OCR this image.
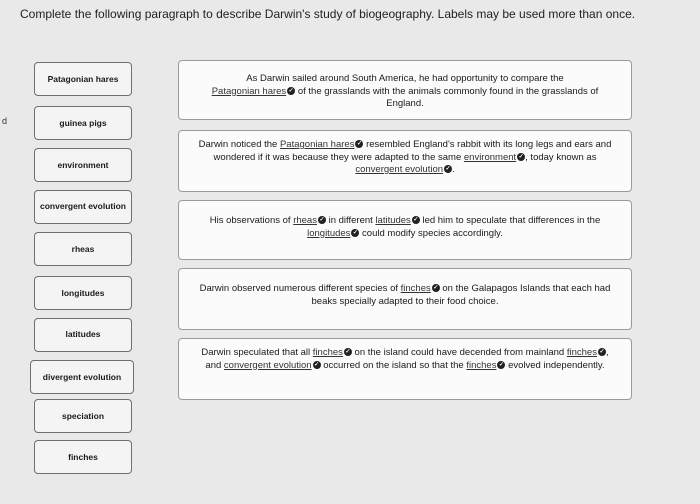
Complete the following paragraph to describe Darwin's study of biogeography. Labels may be used more than once.
d
Patagonian hares
guinea pigs
environment
convergent evolution
rheas
longitudes
latitudes
divergent evolution
speciation
finches
As Darwin sailed around South America, he had opportunity to compare the
Patagonian hares ✓ of the grasslands with the animals commonly found in the grasslands of England.
Darwin noticed the Patagonian hares ✓ resembled England's rabbit with its long legs and ears and wondered if it was because they were adapted to the same environment ✓, today known as convergent evolution ✓.
His observations of rheas ✓ in different latitudes ✓ led him to speculate that differences in the longitudes ✓ could modify species accordingly.
Darwin observed numerous different species of finches ✓ on the Galapagos Islands that each had beaks specially adapted to their food choice.
Darwin speculated that all finches ✓ on the island could have decended from mainland finches ✓, and convergent evolution ✓ occurred on the island so that the finches ✓ evolved independently.
